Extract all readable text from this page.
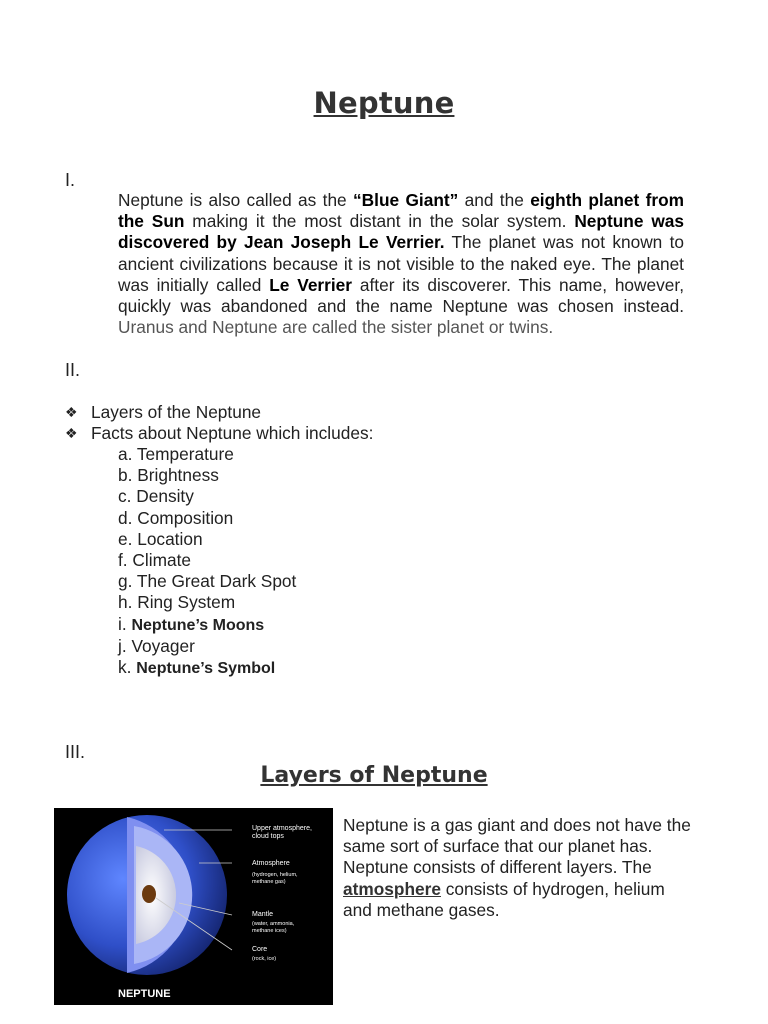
Neptune
I.
Neptune is also called as the “Blue Giant” and the eighth planet from the Sun making it the most distant in the solar system. Neptune was discovered by Jean Joseph Le Verrier. The planet was not known to ancient civilizations because it is not visible to the naked eye. The planet was initially called Le Verrier after its discoverer. This name, however, quickly was abandoned and the name Neptune was chosen instead. Uranus and Neptune are called the sister planet or twins.
II.
❖ Layers of the Neptune
❖ Facts about Neptune which includes:
a. Temperature
b. Brightness
c. Density
d. Composition
e. Location
f. Climate
g. The Great Dark Spot
h. Ring System
i. Neptune’s Moons
j. Voyager
k. Neptune’s Symbol
III.
Layers of Neptune
Upper atmosphere,
cloud tops
Atmosphere
(hydrogen, helium,
methane gas)
Mantle
(water, ammonia,
methane ices)
Core
(rock, ice)
NEPTUNE
Neptune is a gas giant and does not have the same sort of surface that our planet has. Neptune consists of different layers. The atmosphere consists of hydrogen, helium and methane gases.
